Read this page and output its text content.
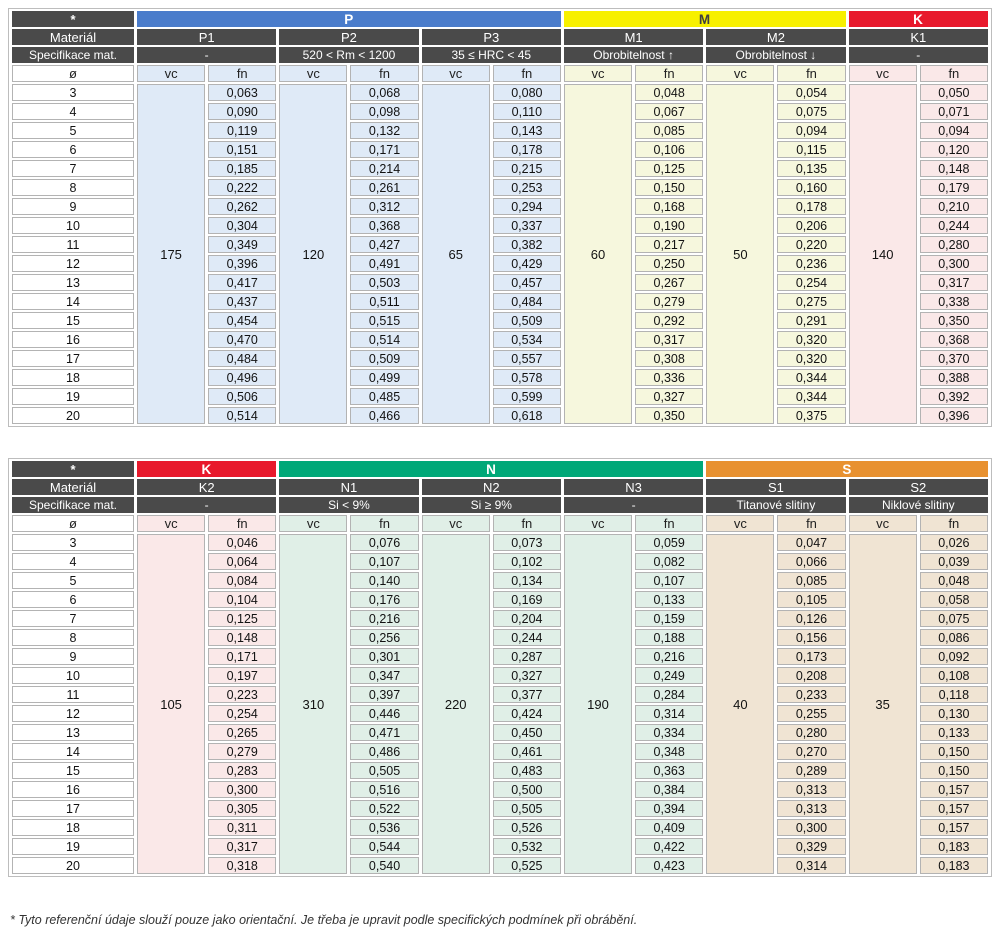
*	P						M				K	
Materiál	P1		P2		P3		M1		M2		K1	
Specifikace mat.	-		520 < Rm < 1200		35 ≤ HRC < 45		Obrobitelnost ↑		Obrobitelnost ↓		-	
ø	vc	fn	vc	fn	vc	fn	vc	fn	vc	fn	vc	fn
3	175	0,063	120	0,068	65	0,080	60	0,048	50	0,054	140	0,050
4		0,090		0,098		0,110		0,067		0,075		0,071
5		0,119		0,132		0,143		0,085		0,094		0,094
6		0,151		0,171		0,178		0,106		0,115		0,120
7		0,185		0,214		0,215		0,125		0,135		0,148
8		0,222		0,261		0,253		0,150		0,160		0,179
9		0,262		0,312		0,294		0,168		0,178		0,210
10		0,304		0,368		0,337		0,190		0,206		0,244
11		0,349		0,427		0,382		0,217		0,220		0,280
12		0,396		0,491		0,429		0,250		0,236		0,300
13		0,417		0,503		0,457		0,267		0,254		0,317
14		0,437		0,511		0,484		0,279		0,275		0,338
15		0,454		0,515		0,509		0,292		0,291		0,350
16		0,470		0,514		0,534		0,317		0,320		0,368
17		0,484		0,509		0,557		0,308		0,320		0,370
18		0,496		0,499		0,578		0,336		0,344		0,388
19		0,506		0,485		0,599		0,327		0,344		0,392
20		0,514		0,466		0,618		0,350		0,375		0,396
*	K		N						S			
Materiál	K2		N1		N2		N3		S1		S2	
Specifikace mat.	-		Si < 9%		Si ≥ 9%		-		Titanové slitiny		Niklové slitiny	
ø	vc	fn	vc	fn	vc	fn	vc	fn	vc	fn	vc	fn
3	105	0,046	310	0,076	220	0,073	190	0,059	40	0,047	35	0,026
4		0,064		0,107		0,102		0,082		0,066		0,039
5		0,084		0,140		0,134		0,107		0,085		0,048
6		0,104		0,176		0,169		0,133		0,105		0,058
7		0,125		0,216		0,204		0,159		0,126		0,075
8		0,148		0,256		0,244		0,188		0,156		0,086
9		0,171		0,301		0,287		0,216		0,173		0,092
10		0,197		0,347		0,327		0,249		0,208		0,108
11		0,223		0,397		0,377		0,284		0,233		0,118
12		0,254		0,446		0,424		0,314		0,255		0,130
13		0,265		0,471		0,450		0,334		0,280		0,133
14		0,279		0,486		0,461		0,348		0,270		0,150
15		0,283		0,505		0,483		0,363		0,289		0,150
16		0,300		0,516		0,500		0,384		0,313		0,157
17		0,305		0,522		0,505		0,394		0,313		0,157
18		0,311		0,536		0,526		0,409		0,300		0,157
19		0,317		0,544		0,532		0,422		0,329		0,183
20		0,318		0,540		0,525		0,423		0,314		0,183
* Tyto referenční údaje slouží pouze jako orientační. Je třeba je upravit podle specifických podmínek při obrábění.
